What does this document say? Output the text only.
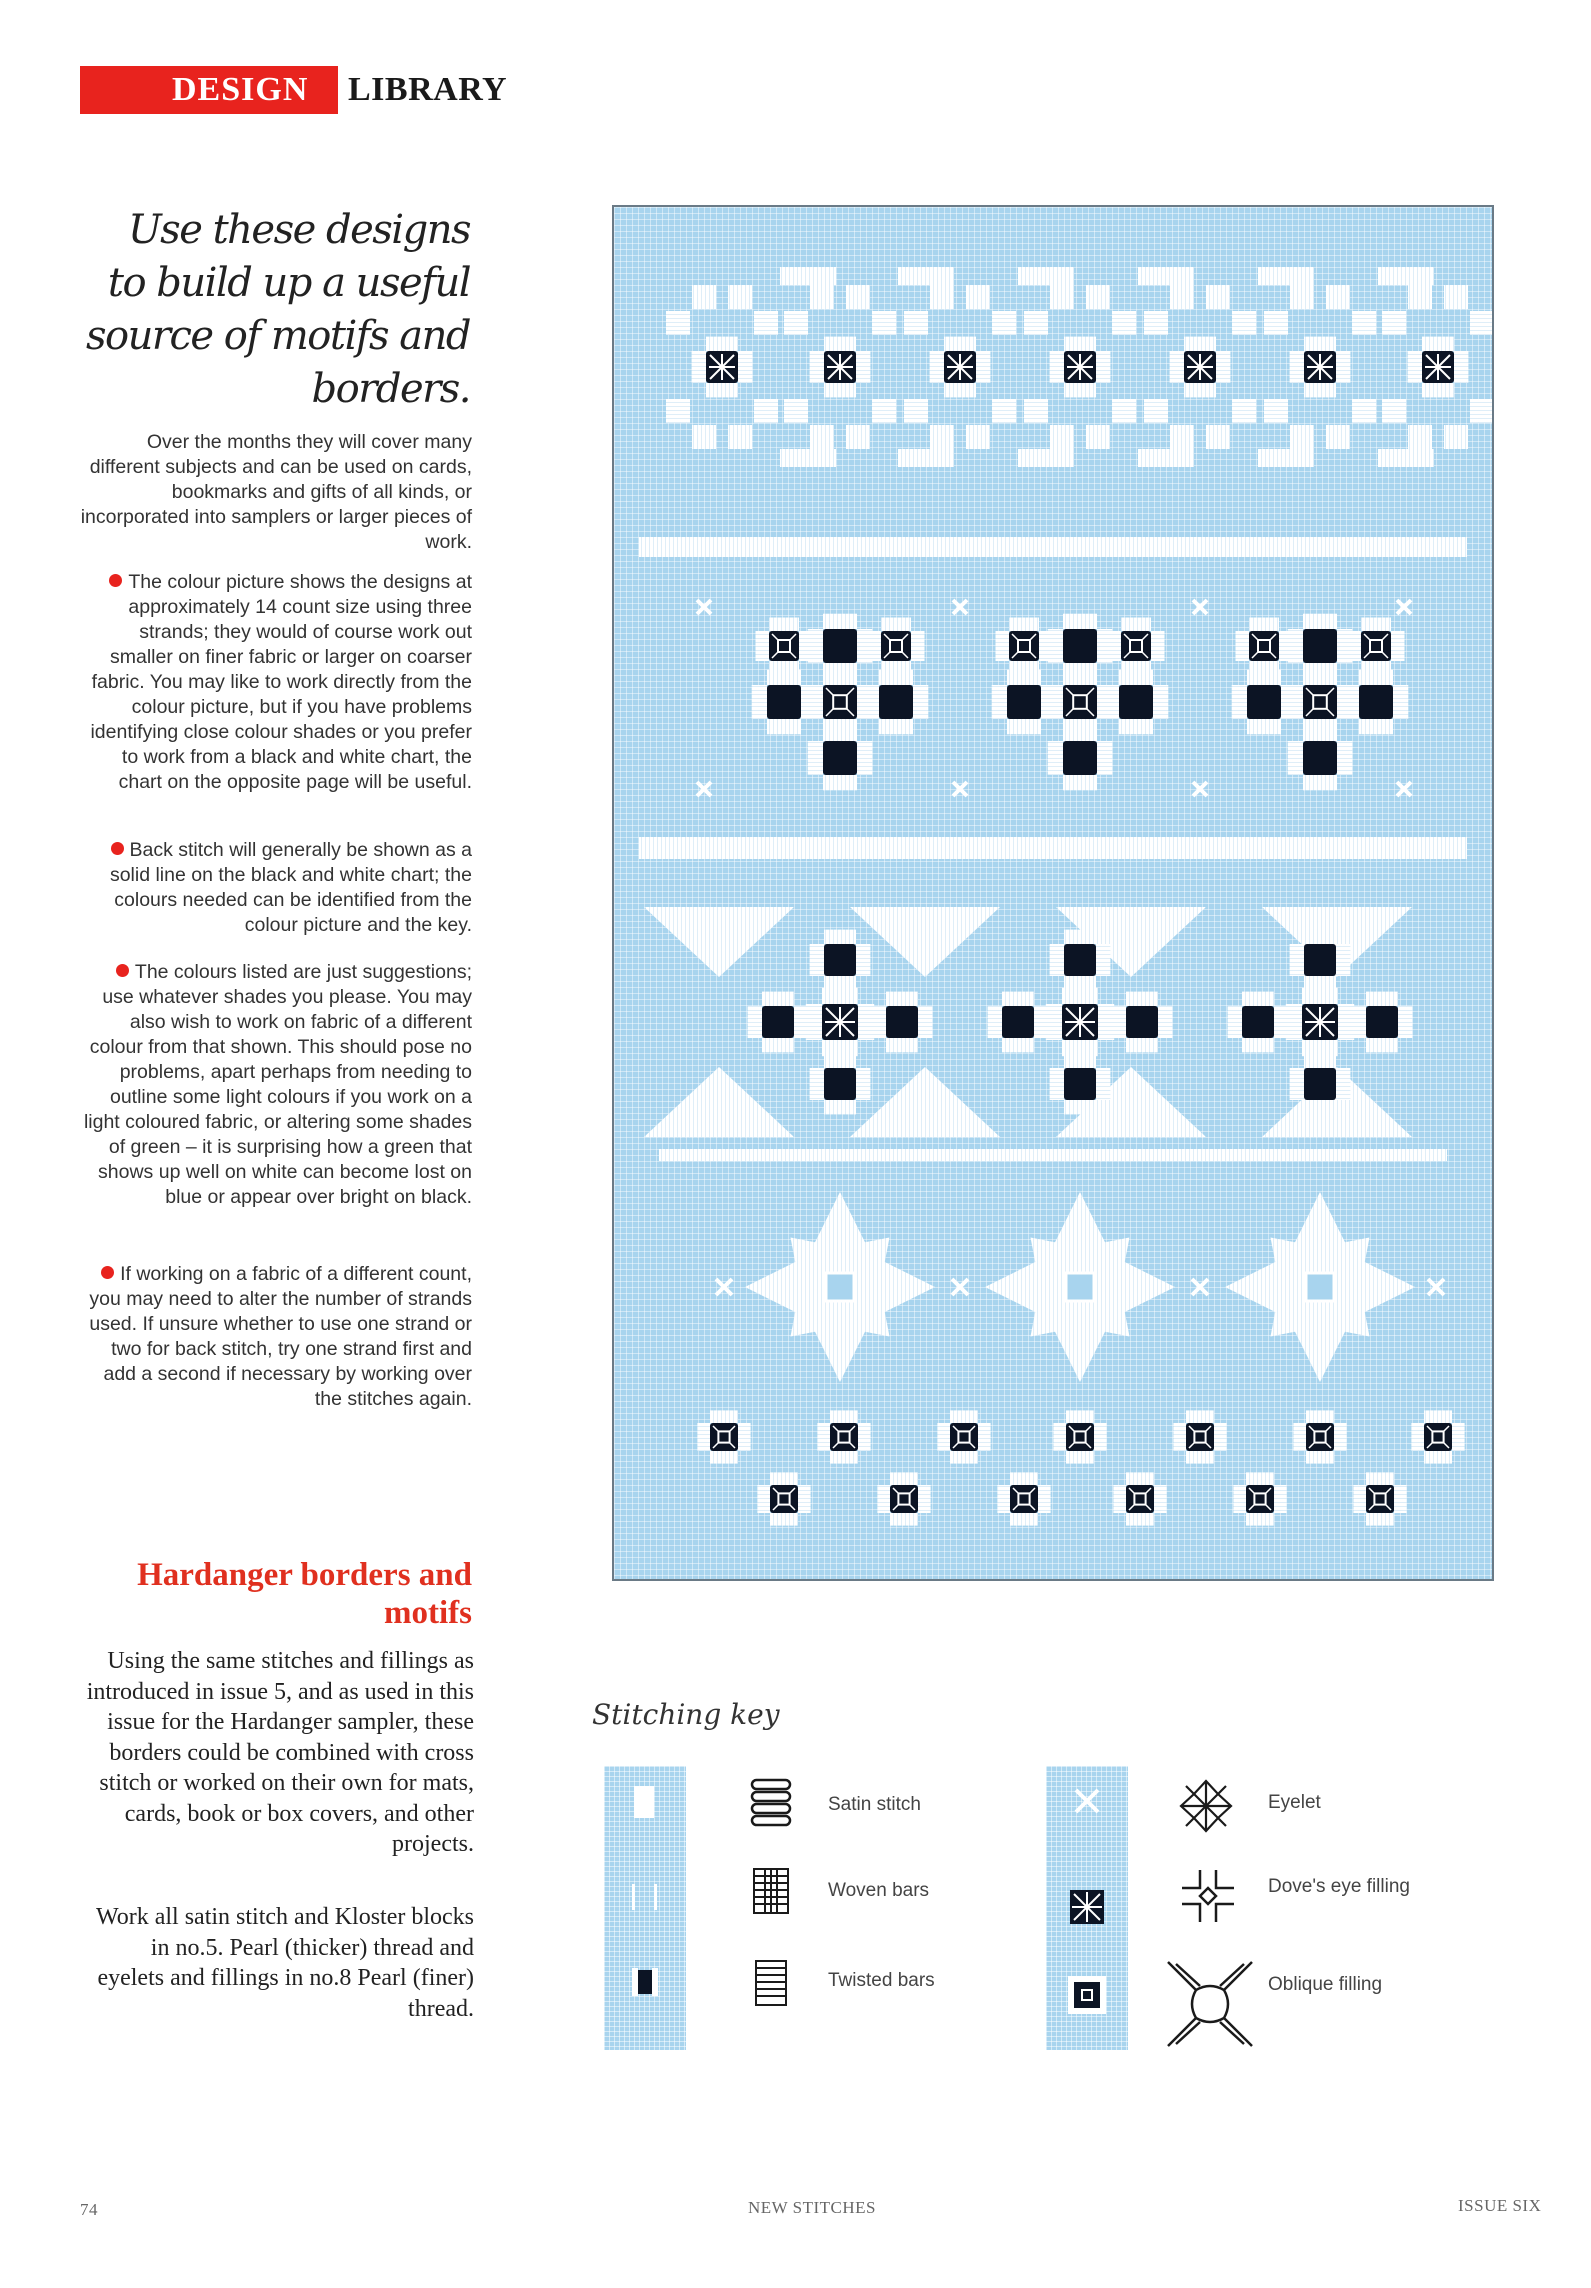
DESIGN LIBRARY
Use these designs to build up a useful source of motifs and borders.
Over the months they will cover many different subjects and can be used on cards, bookmarks and gifts of all kinds, or incorporated into samplers or larger pieces of work.
The colour picture shows the designs at approximately 14 count size using three strands; they would of course work out smaller on finer fabric or larger on coarser fabric. You may like to work directly from the colour picture, but if you have problems identifying close colour shades or you prefer to work from a black and white chart, the chart on the opposite page will be useful.
Back stitch will generally be shown as a solid line on the black and white chart; the colours needed can be identified from the colour picture and the key.
The colours listed are just suggestions; use whatever shades you please. You may also wish to work on fabric of a different colour from that shown. This should pose no problems, apart perhaps from needing to outline some light colours if you work on a light coloured fabric, or altering some shades of green – it is surprising how a green that shows up well on white can become lost on blue or appear over bright on black.
If working on a fabric of a different count, you may need to alter the number of strands used. If unsure whether to use one strand or two for back stitch, try one strand first and add a second if necessary by working over the stitches again.
Hardanger borders and motifs
Using the same stitches and fillings as introduced in issue 5, and as used in this issue for the Hardanger sampler, these borders could be combined with cross stitch or worked on their own for mats, cards, book or box covers, and other projects.
Work all satin stitch and Kloster blocks in no.5. Pearl (thicker) thread and eyelets and fillings in no.8 Pearl (finer) thread.
Stitching key
Satin stitch
Woven bars
Twisted bars
Eyelet
Dove's eye filling
Oblique filling
74	NEW STITCHES	ISSUE SIX
